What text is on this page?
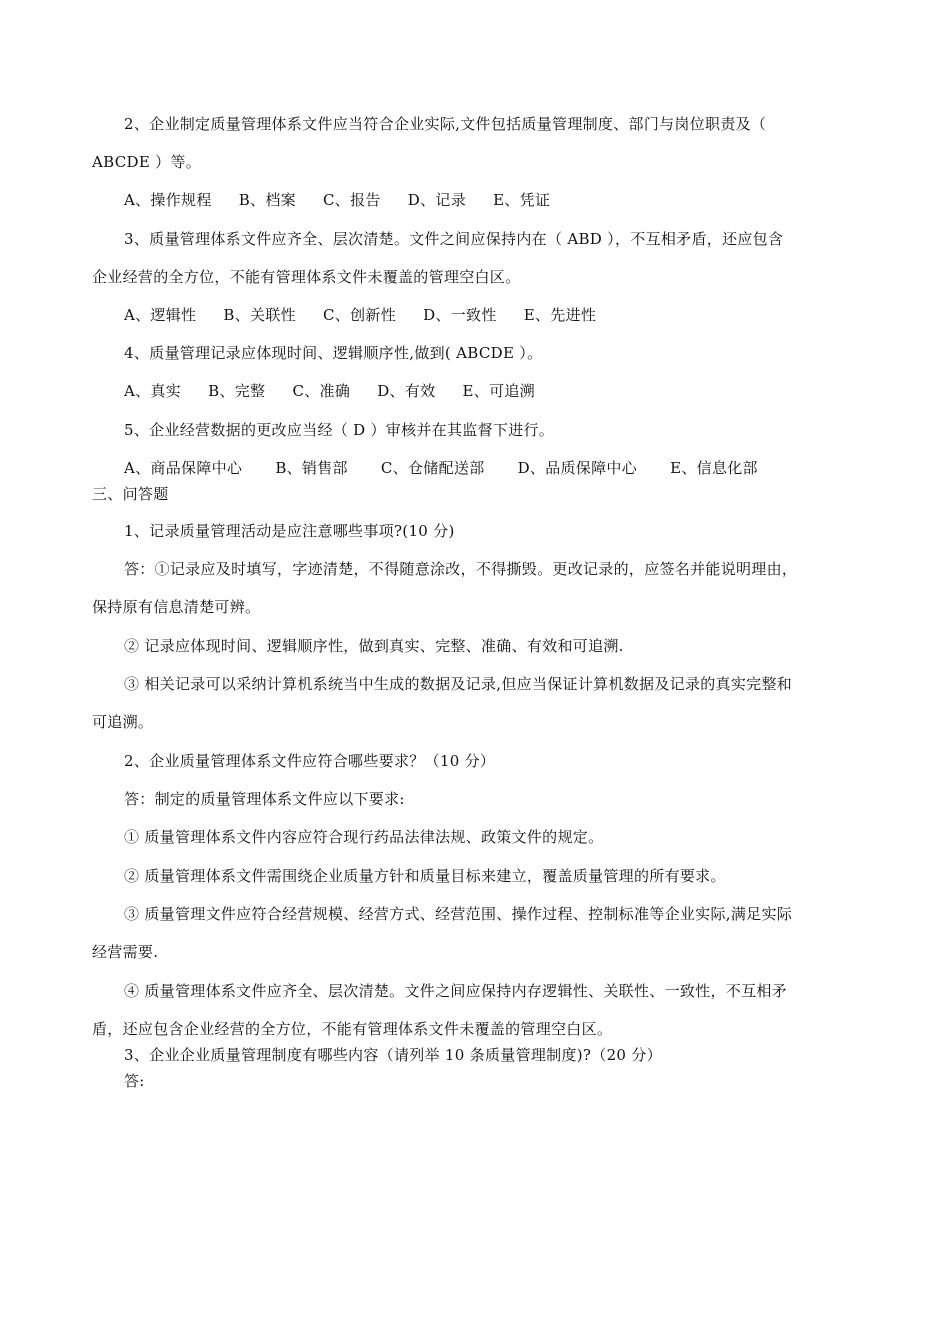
2、企业制定质量管理体系文件应当符合企业实际,文件包括质量管理制度、部门与岗位职责及（
ABCDE ）等。
A、操作规程 B、档案 C、报告 D、记录 E、凭证
3、质量管理体系文件应齐全、层次清楚。文件之间应保持内在（ ABD ），不互相矛盾，还应包含
企业经营的全方位，不能有管理体系文件未覆盖的管理空白区。
A、逻辑性 B、关联性 C、创新性 D、一致性 E、先进性
4、质量管理记录应体现时间、逻辑顺序性,做到( ABCDE ）。
A、真实 B、完整 C、准确 D、有效 E、可追溯
5、企业经营数据的更改应当经（ D ）审核并在其监督下进行。
A、商品保障中心 B、销售部 C、仓储配送部 D、品质保障中心 E、信息化部
三、问答题
1、记录质量管理活动是应注意哪些事项?(10 分)
答：①记录应及时填写，字迹清楚，不得随意涂改，不得撕毁。更改记录的，应签名并能说明理由，
保持原有信息清楚可辨。
② 记录应体现时间、逻辑顺序性，做到真实、完整、准确、有效和可追溯.
③ 相关记录可以采纳计算机系统当中生成的数据及记录,但应当保证计算机数据及记录的真实完整和
可追溯。
2、企业质量管理体系文件应符合哪些要求？（10 分）
答：制定的质量管理体系文件应以下要求:
① 质量管理体系文件内容应符合现行药品法律法规、政策文件的规定。
② 质量管理体系文件需围绕企业质量方针和质量目标来建立，覆盖质量管理的所有要求。
③ 质量管理文件应符合经营规模、经营方式、经营范围、操作过程、控制标准等企业实际,满足实际
经营需要.
④ 质量管理体系文件应齐全、层次清楚。文件之间应保持内存逻辑性、关联性、一致性，不互相矛
盾，还应包含企业经营的全方位，不能有管理体系文件未覆盖的管理空白区。
3、企业企业质量管理制度有哪些内容（请列举 10 条质量管理制度)?（20 分）
答:
